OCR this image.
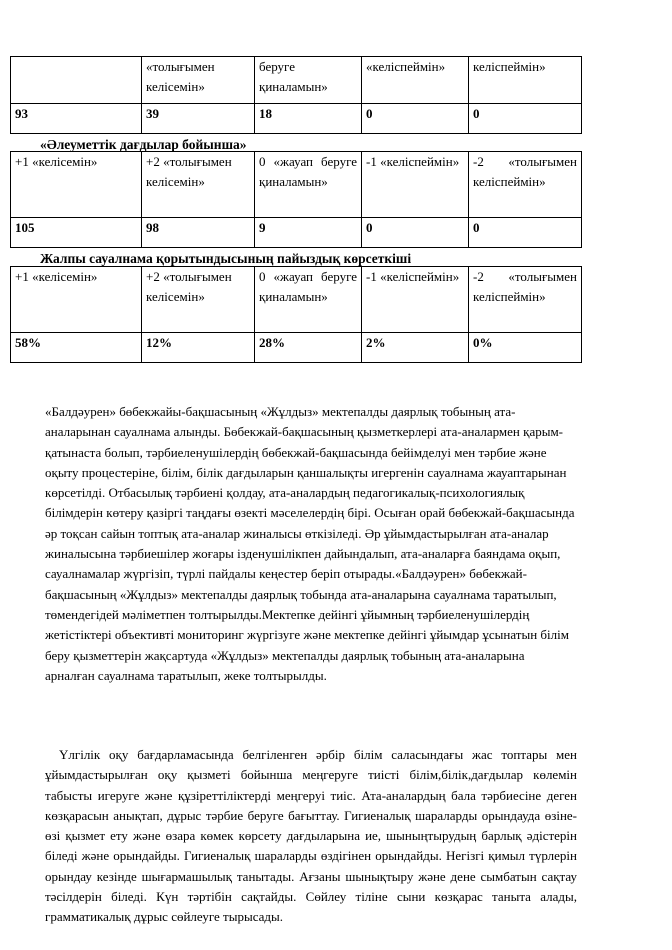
	«толығымен келісемін»	беруге қиналамын»	«келіспеймін»	келіспеймін»
93	39	18	0	0
«Әлеуметтік дағдылар бойынша»
+1 «келісемін»	+2 «толығымен келісемін»	0 «жауап беруге қиналамын»	-1 «келіспеймін»	-2 «толығымен келіспеймін»
105	98	9	0	0
Жалпы сауалнама қорытындысының пайыздық көрсеткіші
+1 «келісемін»	+2 «толығымен келісемін»	0 «жауап беруге қиналамын»	-1 «келіспеймін»	-2 «толығымен келіспеймін»
58%	12%	28%	2%	0%

«Балдәурен» бөбекжайы-бақшасының «Жұлдыз» мектепалды даярлық тобының ата-аналарынан сауалнама алынды. Бөбекжай-бақшасының қызметкерлері ата-аналармен қарым-қатынаста болып, тәрбиеленушілердің бөбекжай-бақшасында бейімделуі мен тәрбие және оқыту процестеріне, білім, білік дағдыларын қаншалықты игергенін сауалнама жауаптарынан көрсетілді. Отбасылық тәрбиені қолдау, ата-аналардың педагогикалық-психологиялық білімдерін көтеру қазіргі таңдағы өзекті мәселелердің бірі. Осыған орай бөбекжай-бақшасында әр тоқсан сайын топтық ата-аналар жиналысы өткізіледі. Әр ұйымдастырылған ата-аналар жиналысына тәрбиешілер жоғары ізденушілікпен дайындалып, ата-аналарға баяндама оқып, сауалнамалар жүргізіп, түрлі пайдалы кеңестер беріп отырады.«Балдәурен» бөбекжай-бақшасының «Жұлдыз» мектепалды даярлық тобында ата-аналарына сауалнама таратылып, төмендегідей мәліметпен толтырылды.Мектепке дейінгі ұйымның тәрбиеленушілердің жетістіктері объективті мониторинг жүргізуге және мектепке дейінгі ұйымдар ұсынатын білім беру қызметтерін жақсартуда «Жұлдыз» мектепалды даярлық тобының ата-аналарына арналған сауалнама таратылып, жеке толтырылды.

Үлгілік оқу бағдарламасында белгіленген әрбір білім саласындағы жас топтары мен ұйымдастырылған оқу қызметі бойынша меңгеруге тиісті білім,білік,дағдылар көлемін табысты игеруге және құзіреттіліктерді меңгеруі тиіс. Ата-аналардың бала тәрбиесіне деген көзқарасын анықтап, дұрыс тәрбие беруге бағыттау. Гигиеналық шараларды орындауда өзіне-өзі қызмет ету және өзара көмек көрсету дағдыларына ие, шыныңтырудың барлық әдістерін біледі және орындайды. Гигиеналық шараларды өздігінен орындайды. Негізгі қимыл түрлерін орындау кезінде шығармашылық танытады. Ағзаны шынықтыру және дене сымбатын сақтау тәсілдерін біледі. Күн тәртібін сақтайды. Сөйлеу тіліне сыни көзқарас таныта алады, грамматикалық дұрыс сөйлеуге тырысады.
